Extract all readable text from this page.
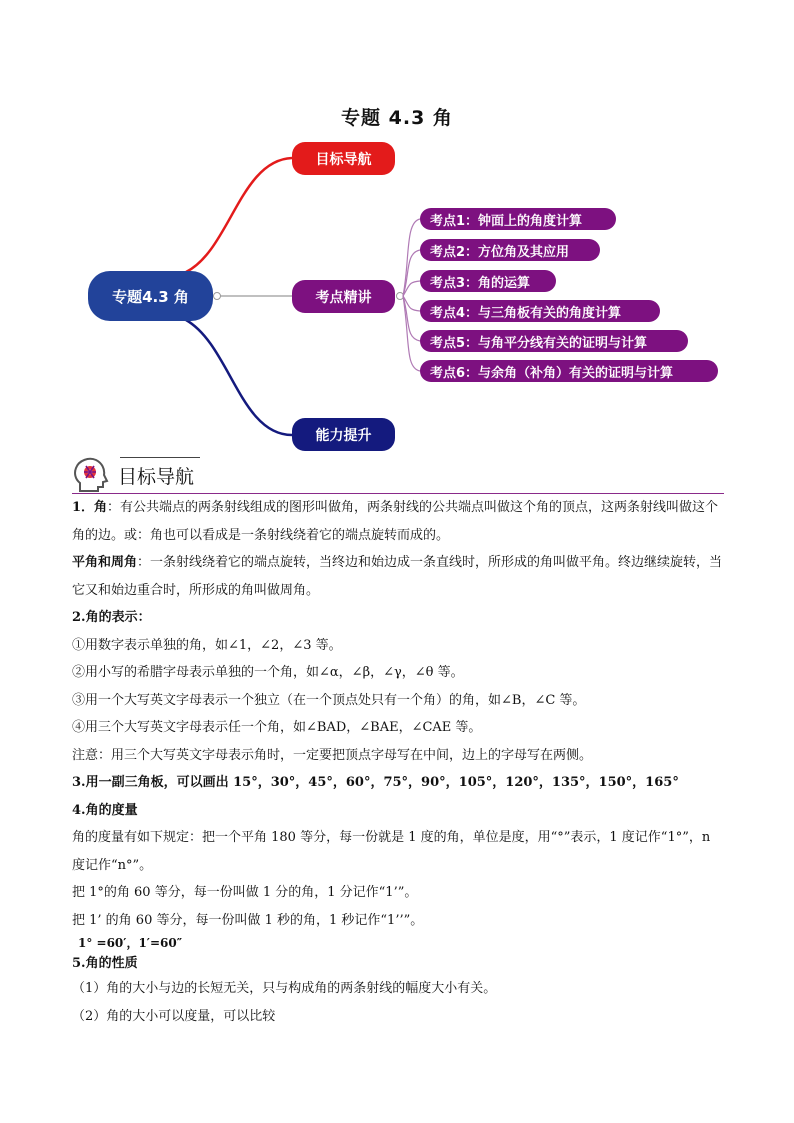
专题 4.3 角
专题4.3 角
目标导航
考点精讲
能力提升
考点1：钟面上的角度计算
考点2：方位角及其应用
考点3：角的运算
考点4：与三角板有关的角度计算
考点5：与角平分线有关的证明与计算
考点6：与余角（补角）有关的证明与计算
目标导航

1．角：有公共端点的两条射线组成的图形叫做角，两条射线的公共端点叫做这个角的顶点，这两条射线叫做这个角的边。或：角也可以看成是一条射线绕着它的端点旋转而成的。

平角和周角：一条射线绕着它的端点旋转，当终边和始边成一条直线时，所形成的角叫做平角。终边继续旋转，当它又和始边重合时，所形成的角叫做周角。

2.角的表示：

①用数字表示单独的角，如∠1，∠2，∠3 等。

②用小写的希腊字母表示单独的一个角，如∠α，∠β，∠γ，∠θ 等。

③用一个大写英文字母表示一个独立（在一个顶点处只有一个角）的角，如∠B，∠C 等。

④用三个大写英文字母表示任一个角，如∠BAD，∠BAE，∠CAE 等。

注意：用三个大写英文字母表示角时，一定要把顶点字母写在中间，边上的字母写在两侧。

3.用一副三角板，可以画出 15°，30°，45°，60°，75°，90°，105°，120°，135°，150°，165°

4.角的度量

角的度量有如下规定：把一个平角 180 等分，每一份就是 1 度的角，单位是度，用“°”表示，1 度记作“1°”，n 度记作“n°”。

把 1°的角 60 等分，每一份叫做 1 分的角，1 分记作“1’”。

把 1’ 的角 60 等分，每一份叫做 1 秒的角，1 秒记作“1’’”。

1° =60′，1′=60″

5.角的性质

（1）角的大小与边的长短无关，只与构成角的两条射线的幅度大小有关。

（2）角的大小可以度量，可以比较
